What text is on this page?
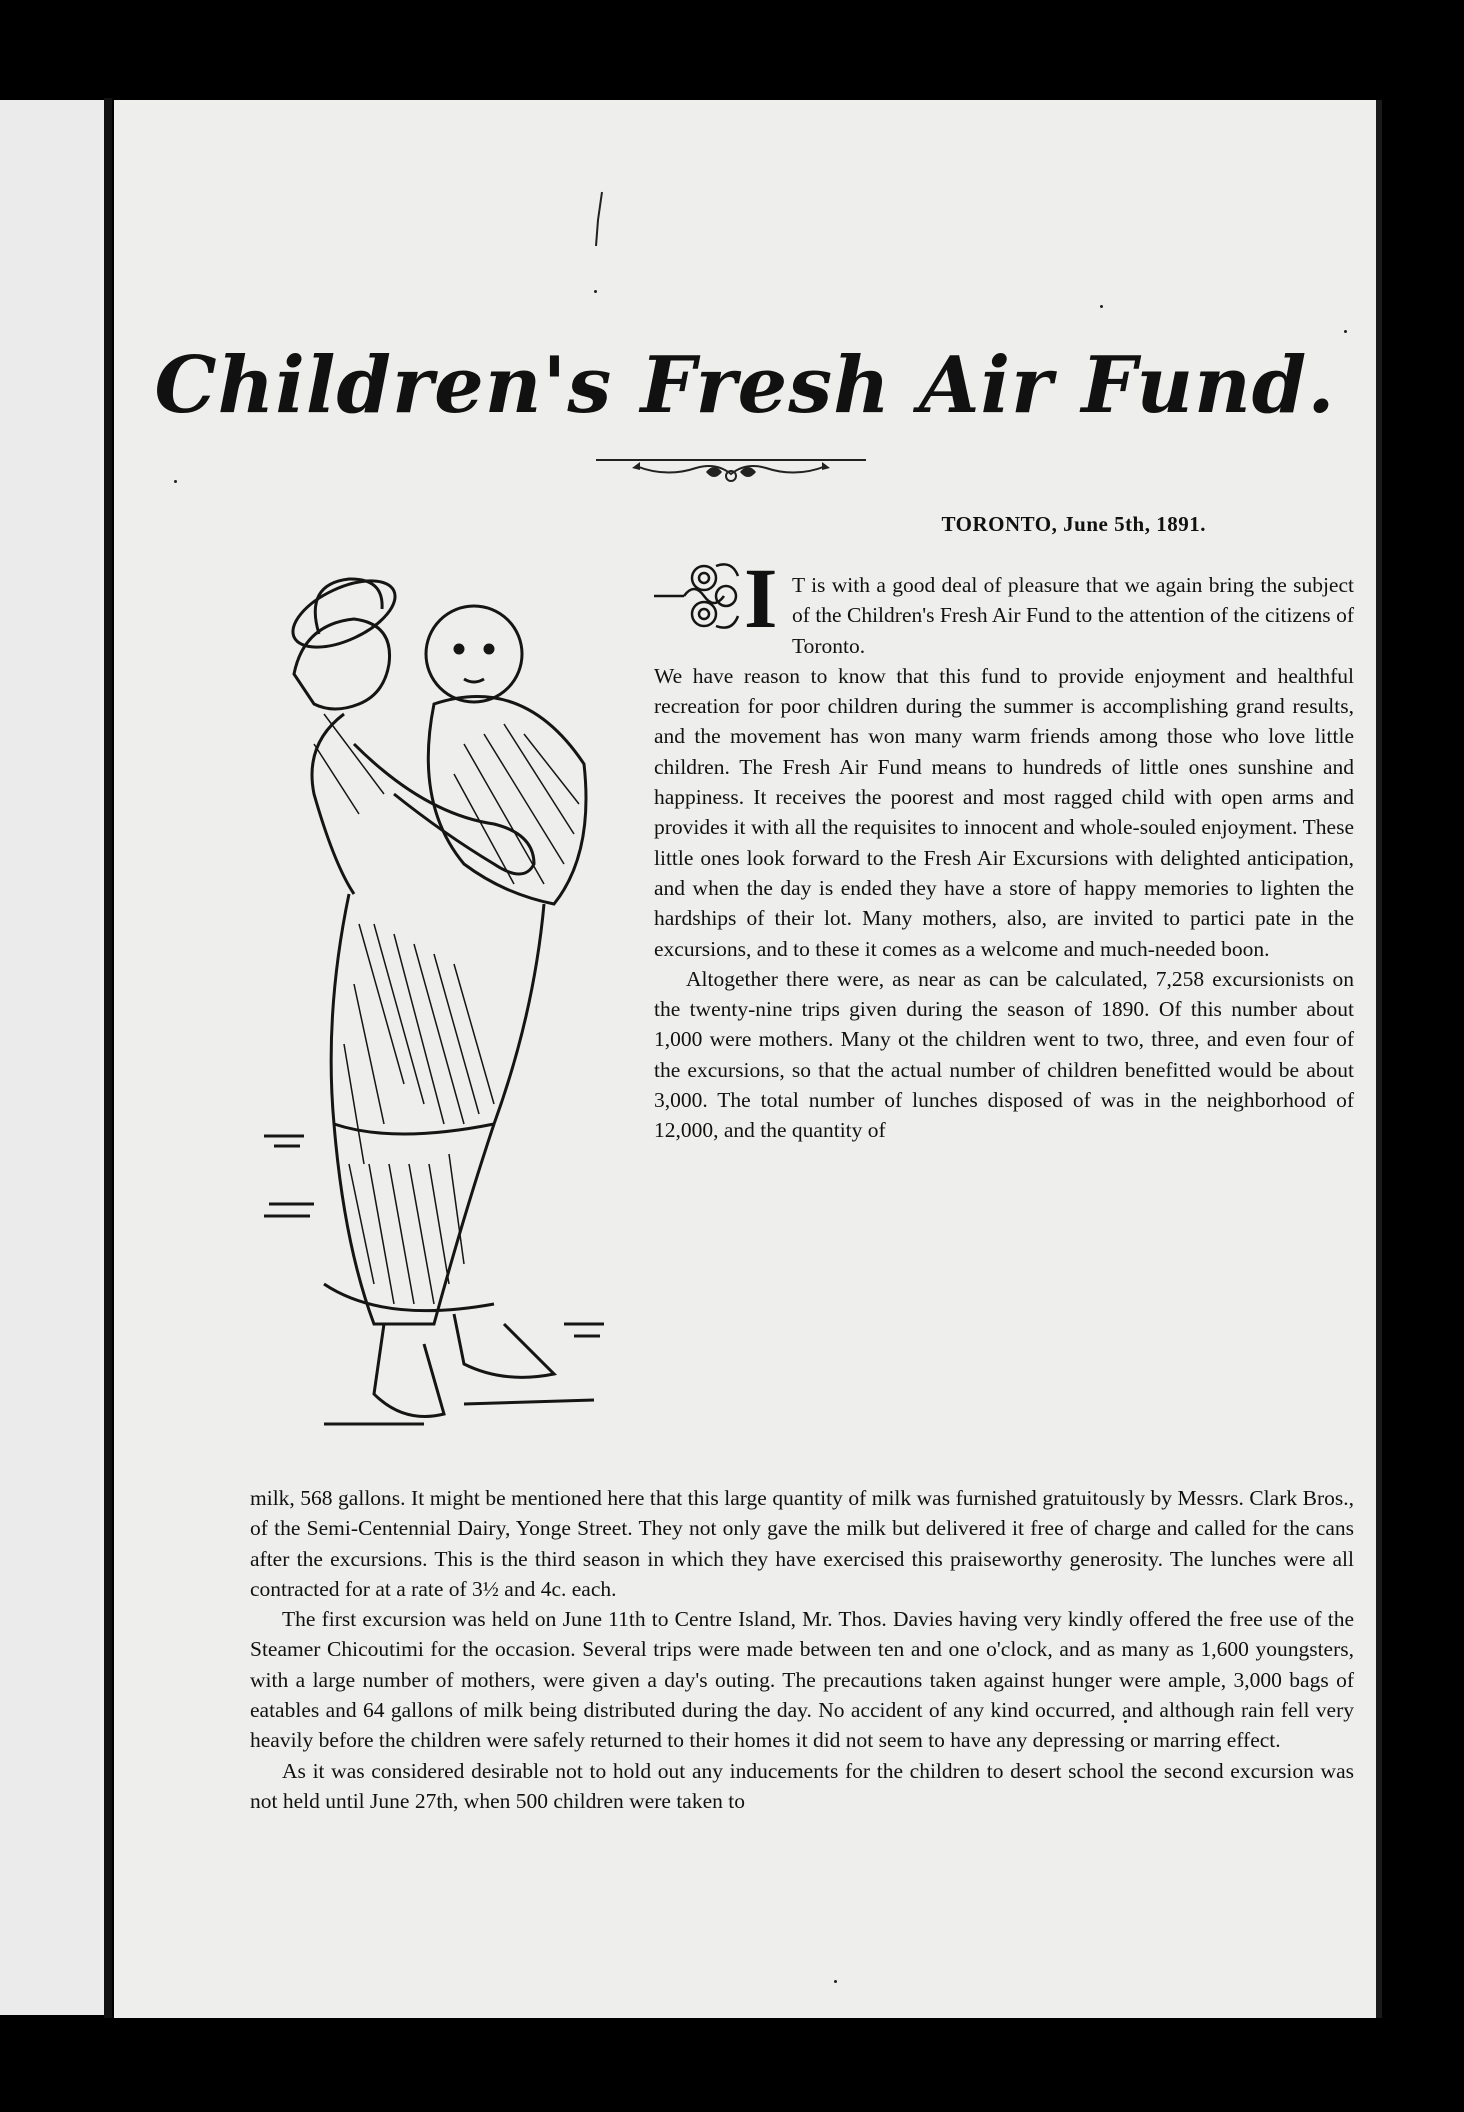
Children's Fresh Air Fund.
TORONTO, June 5th, 1891.
I T is with a good deal of pleasure that we again bring the subject of the Children's Fresh Air Fund to the attention of the citizens of Toronto.

We have reason to know that this fund to provide enjoyment and healthful recreation for poor children during the summer is accomplishing grand results, and the movement has won many warm friends among those who love little children. The Fresh Air Fund means to hundreds of little ones sunshine and happiness. It receives the poorest and most ragged child with open arms and provides it with all the requisites to innocent and whole-souled enjoyment. These little ones look forward to the Fresh Air Excursions with delighted anticipation, and when the day is ended they have a store of happy memories to lighten the hardships of their lot. Many mothers, also, are invited to partici pate in the excursions, and to these it comes as a welcome and much-needed boon.

Altogether there were, as near as can be calculated, 7,258 excursionists on the twenty-nine trips given during the season of 1890. Of this number about 1,000 were mothers. Many ot the children went to two, three, and even four of the excursions, so that the actual number of children benefitted would be about 3,000. The total number of lunches disposed of was in the neighborhood of 12,000, and the quantity of

milk, 568 gallons. It might be mentioned here that this large quantity of milk was furnished gratuitously by Messrs. Clark Bros., of the Semi-Centennial Dairy, Yonge Street. They not only gave the milk but delivered it free of charge and called for the cans after the excursions. This is the third season in which they have exercised this praiseworthy generosity. The lunches were all contracted for at a rate of 3½ and 4c. each.

The first excursion was held on June 11th to Centre Island, Mr. Thos. Davies having very kindly offered the free use of the Steamer Chicoutimi for the occasion. Several trips were made between ten and one o'clock, and as many as 1,600 youngsters, with a large number of mothers, were given a day's outing. The precautions taken against hunger were ample, 3,000 bags of eatables and 64 gallons of milk being distributed during the day. No accident of any kind occurred, and although rain fell very heavily before the children were safely returned to their homes it did not seem to have any depressing or marring effect.

As it was considered desirable not to hold out any inducements for the children to desert school the second excursion was not held until June 27th, when 500 children were taken to
